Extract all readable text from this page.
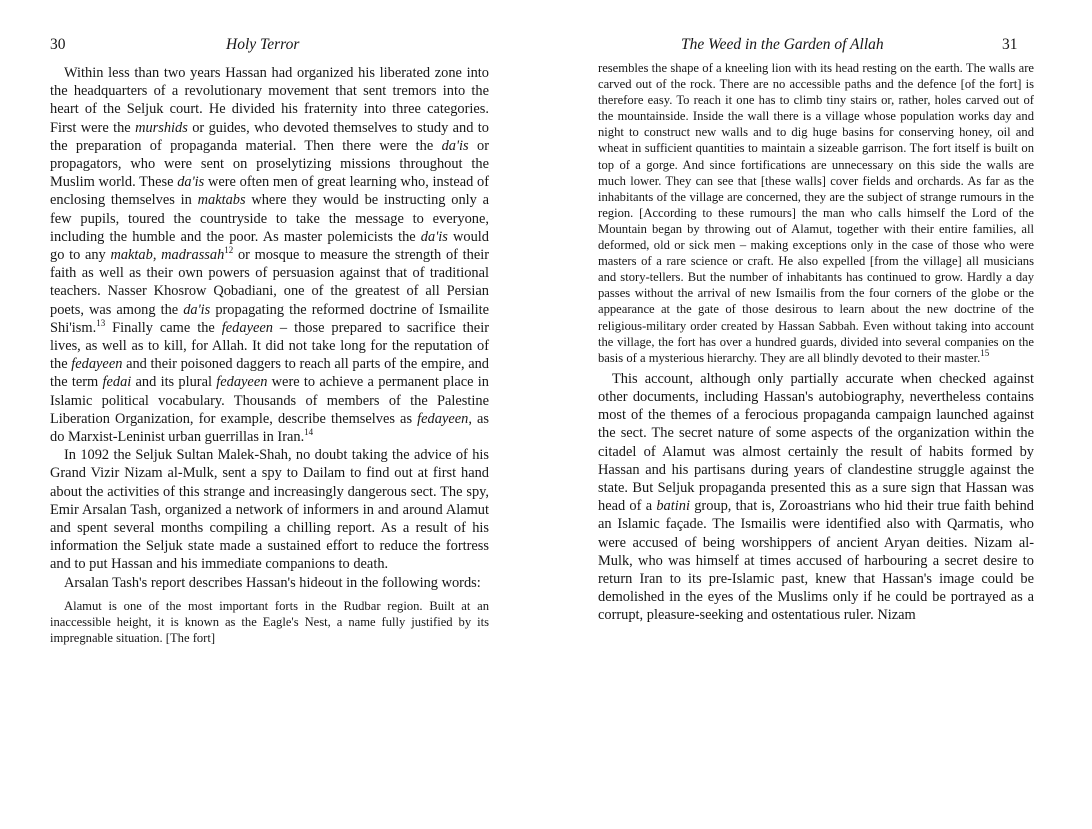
30	Holy Terror

Within less than two years Hassan had organized his liberated zone into the headquarters of a revolutionary movement that sent tremors into the heart of the Seljuk court. He divided his fraternity into three categories. First were the murshids or guides, who devoted themselves to study and to the preparation of propaganda material. Then there were the da'is or propagators, who were sent on proselytizing missions throughout the Muslim world. These da'is were often men of great learning who, instead of enclosing themselves in maktabs where they would be instructing only a few pupils, toured the countryside to take the message to everyone, including the humble and the poor. As master polemicists the da'is would go to any maktab, madrassah$^{12}$ or mosque to measure the strength of their faith as well as their own powers of persuasion against that of traditional teachers. Nasser Khosrow Qobadiani, one of the greatest of all Persian poets, was among the da'is propagating the reformed doctrine of Ismailite Shi'ism.$^{13}$ Finally came the fedayeen – those prepared to sacrifice their lives, as well as to kill, for Allah. It did not take long for the reputation of the fedayeen and their poisoned daggers to reach all parts of the empire, and the term fedai and its plural fedayeen were to achieve a permanent place in Islamic political vocabulary. Thousands of members of the Palestine Liberation Organization, for example, describe themselves as fedayeen, as do Marxist-Leninist urban guerrillas in Iran.$^{14}$

In 1092 the Seljuk Sultan Malek-Shah, no doubt taking the advice of his Grand Vizir Nizam al-Mulk, sent a spy to Dailam to find out at first hand about the activities of this strange and increasingly dangerous sect. The spy, Emir Arsalan Tash, organized a network of informers in and around Alamut and spent several months compiling a chilling report. As a result of his information the Seljuk state made a sustained effort to reduce the fortress and to put Hassan and his immediate companions to death.

Arsalan Tash's report describes Hassan's hideout in the following words:

Alamut is one of the most important forts in the Rudbar region. Built at an inaccessible height, it is known as the Eagle's Nest, a name fully justified by its impregnable situation. [The fort]

The Weed in the Garden of Allah	31

resembles the shape of a kneeling lion with its head resting on the earth. The walls are carved out of the rock. There are no accessible paths and the defence [of the fort] is therefore easy. To reach it one has to climb tiny stairs or, rather, holes carved out of the mountainside. Inside the wall there is a village whose population works day and night to construct new walls and to dig huge basins for conserving honey, oil and wheat in sufficient quantities to maintain a sizeable garrison. The fort itself is built on top of a gorge. And since fortifications are unnecessary on this side the walls are much lower. They can see that [these walls] cover fields and orchards. As far as the inhabitants of the village are concerned, they are the subject of strange rumours in the region. [According to these rumours] the man who calls himself the Lord of the Mountain began by throwing out of Alamut, together with their entire families, all deformed, old or sick men – making exceptions only in the case of those who were masters of a rare science or craft. He also expelled [from the village] all musicians and story-tellers. But the number of inhabitants has continued to grow. Hardly a day passes without the arrival of new Ismailis from the four corners of the globe or the appearance at the gate of those desirous to learn about the new doctrine of the religious-military order created by Hassan Sabbah. Even without taking into account the village, the fort has over a hundred guards, divided into several companies on the basis of a mysterious hierarchy. They are all blindly devoted to their master.$^{15}$

This account, although only partially accurate when checked against other documents, including Hassan's autobiography, nevertheless contains most of the themes of a ferocious propaganda campaign launched against the sect. The secret nature of some aspects of the organization within the citadel of Alamut was almost certainly the result of habits formed by Hassan and his partisans during years of clandestine struggle against the state. But Seljuk propaganda presented this as a sure sign that Hassan was head of a batini group, that is, Zoroastrians who hid their true faith behind an Islamic façade. The Ismailis were identified also with Qarmatis, who were accused of being worshippers of ancient Aryan deities. Nizam al-Mulk, who was himself at times accused of harbouring a secret desire to return Iran to its pre-Islamic past, knew that Hassan's image could be demolished in the eyes of the Muslims only if he could be portrayed as a corrupt, pleasure-seeking and ostentatious ruler. Nizam
